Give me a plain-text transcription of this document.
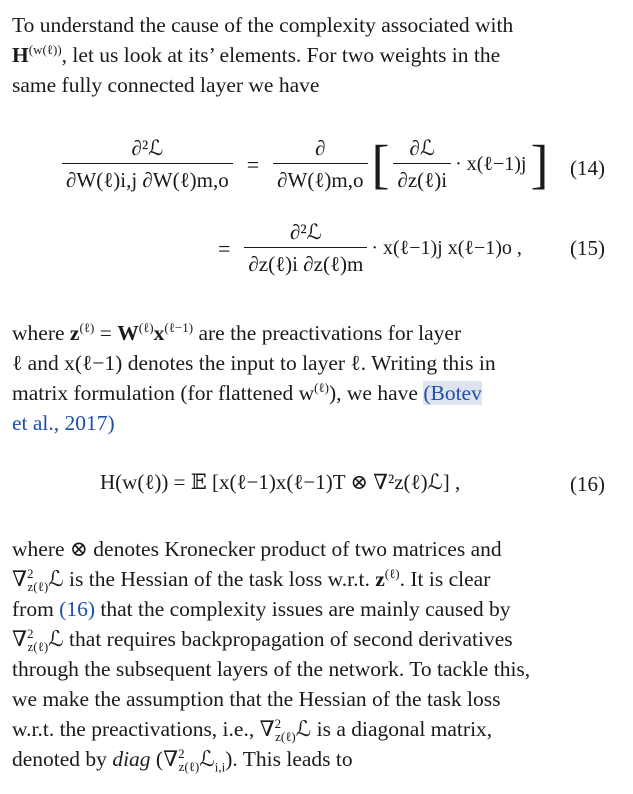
To understand the cause of the complexity associated with
$H^{(w(\ell))}$, let us look at its’ elements. For two weights in the
same fully connected layer we have
$\frac{\text{∂²ℒ}}{\text{∂W(ℓ)i,j ∂W(ℓ)m,o}} = \frac{\partial}{\text{∂W(ℓ)m,o}}$ [ $\frac{\text{∂ℒ}}{\text{∂z(ℓ)i}}$ · x(ℓ−1)j ] (14)
= $\frac{\text{∂²ℒ}}{\text{∂z(ℓ)i ∂z(ℓ)m}}$ · x(ℓ−1)j x(ℓ−1)o , (15)
where $z^{(\ell)} = W^{(\ell)}x^{(\ell-1)}$ are the preactivations for layer
ℓ and x(ℓ−1) denotes the input to layer ℓ. Writing this in
matrix formulation (for flattened $w^{(\ell)}$), we have (Botev
et al., 2017)
H(w(ℓ)) = 𝔼 [x(ℓ−1)x(ℓ−1)T ⊗ ∇²z(ℓ)ℒ] ,	(16)
where ⊗ denotes Kronecker product of two matrices and
∇$^2_{z(\ell)}$ℒ is the Hessian of the task loss w.r.t. $z^{(\ell)}$. It is clear
from (16) that the complexity issues are mainly caused by
∇$^2_{z(\ell)}$ℒ that requires backpropagation of second derivatives
through the subsequent layers of the network. To tackle this,
we make the assumption that the Hessian of the task loss
w.r.t. the preactivations, i.e., ∇$^2_{z(\ell)}$ℒ is a diagonal matrix,
denoted by diag (∇$^2_{z(\ell)}$ℒ$_{i,i}$). This leads to
